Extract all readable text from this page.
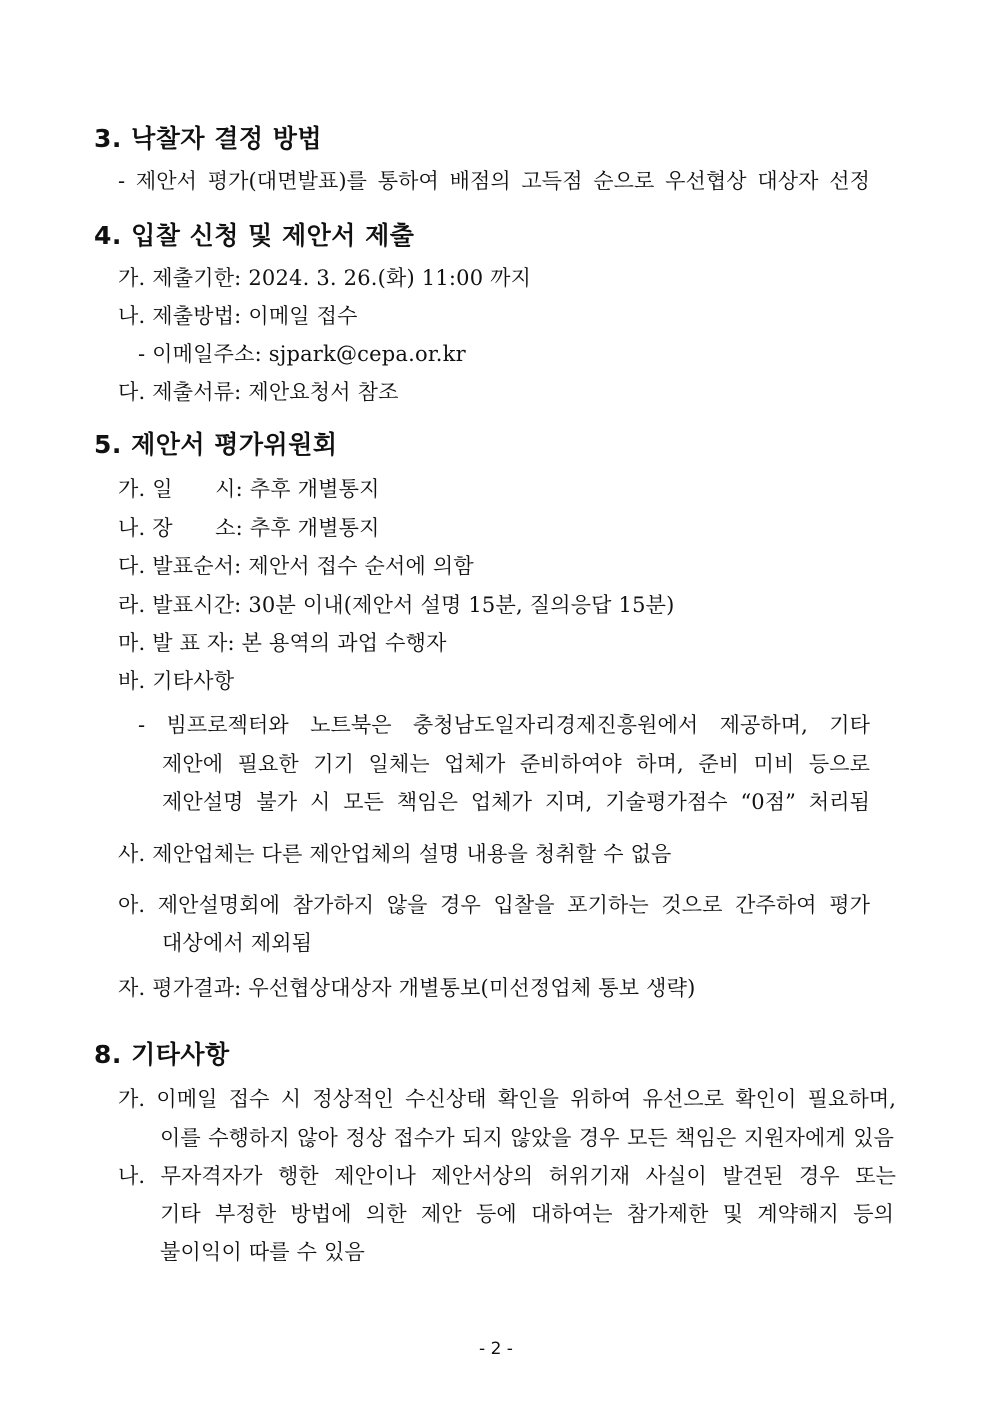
3. 낙찰자 결정 방법
- 제안서 평가(대면발표)를 통하여 배점의 고득점 순으로 우선협상 대상자 선정
4. 입찰 신청 및 제안서 제출
가. 제출기한: 2024. 3. 26.(화) 11:00 까지
나. 제출방법: 이메일 접수
- 이메일주소: sjpark@cepa.or.kr
다. 제출서류: 제안요청서 참조
5. 제안서 평가위원회
가. 일　　시: 추후 개별통지
나. 장　　소: 추후 개별통지
다. 발표순서: 제안서 접수 순서에 의함
라. 발표시간: 30분 이내(제안서 설명 15분, 질의응답 15분)
마. 발 표 자: 본 용역의 과업 수행자
바. 기타사항
- 빔프로젝터와 노트북은 충청남도일자리경제진흥원에서 제공하며, 기타
제안에 필요한 기기 일체는 업체가 준비하여야 하며, 준비 미비 등으로
제안설명 불가 시 모든 책임은 업체가 지며, 기술평가점수 “0점” 처리됨
사. 제안업체는 다른 제안업체의 설명 내용을 청취할 수 없음
아. 제안설명회에 참가하지 않을 경우 입찰을 포기하는 것으로 간주하여 평가
대상에서 제외됨
자. 평가결과: 우선협상대상자 개별통보(미선정업체 통보 생략)
8. 기타사항
가. 이메일 접수 시 정상적인 수신상태 확인을 위하여 유선으로 확인이 필요하며,
이를 수행하지 않아 정상 접수가 되지 않았을 경우 모든 책임은 지원자에게 있음
나. 무자격자가 행한 제안이나 제안서상의 허위기재 사실이 발견된 경우 또는
기타 부정한 방법에 의한 제안 등에 대하여는 참가제한 및 계약해지 등의
불이익이 따를 수 있음
- 2 -
